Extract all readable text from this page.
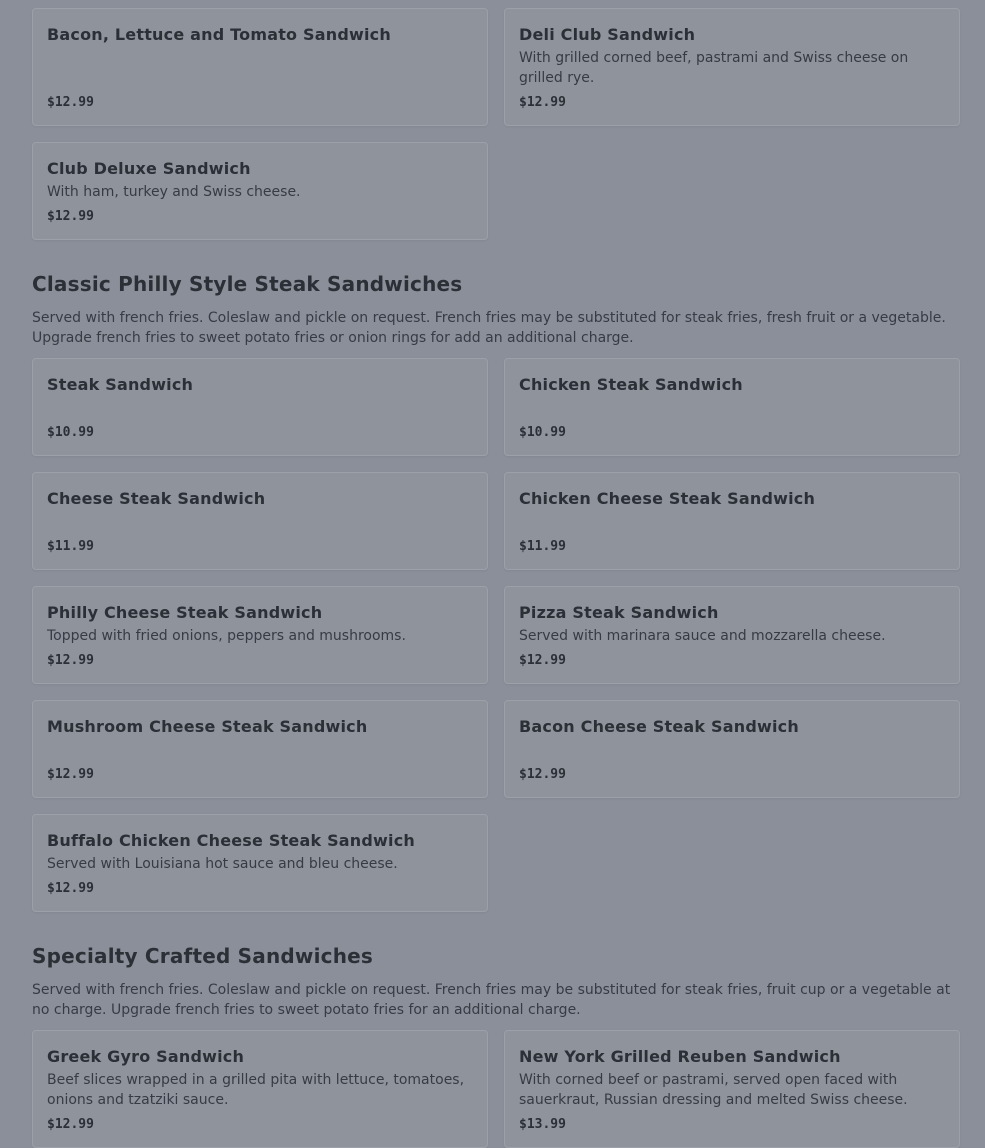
Bacon, Lettuce and Tomato Sandwich
$12.99
Deli Club Sandwich
With grilled corned beef, pastrami and Swiss cheese on grilled rye.
$12.99
Club Deluxe Sandwich
With ham, turkey and Swiss cheese.
$12.99
Classic Philly Style Steak Sandwiches
Served with french fries. Coleslaw and pickle on request. French fries may be substituted for steak fries, fresh fruit or a vegetable. Upgrade french fries to sweet potato fries or onion rings for add an additional charge.
Steak Sandwich
$10.99
Chicken Steak Sandwich
$10.99
Cheese Steak Sandwich
$11.99
Chicken Cheese Steak Sandwich
$11.99
Philly Cheese Steak Sandwich
Topped with fried onions, peppers and mushrooms.
$12.99
Pizza Steak Sandwich
Served with marinara sauce and mozzarella cheese.
$12.99
Mushroom Cheese Steak Sandwich
$12.99
Bacon Cheese Steak Sandwich
$12.99
Buffalo Chicken Cheese Steak Sandwich
Served with Louisiana hot sauce and bleu cheese.
$12.99
Specialty Crafted Sandwiches
Served with french fries. Coleslaw and pickle on request. French fries may be substituted for steak fries, fruit cup or a vegetable at no charge. Upgrade french fries to sweet potato fries for an additional charge.
Greek Gyro Sandwich
Beef slices wrapped in a grilled pita with lettuce, tomatoes, onions and tzatziki sauce.
$12.99
New York Grilled Reuben Sandwich
With corned beef or pastrami, served open faced with sauerkraut, Russian dressing and melted Swiss cheese.
$13.99
